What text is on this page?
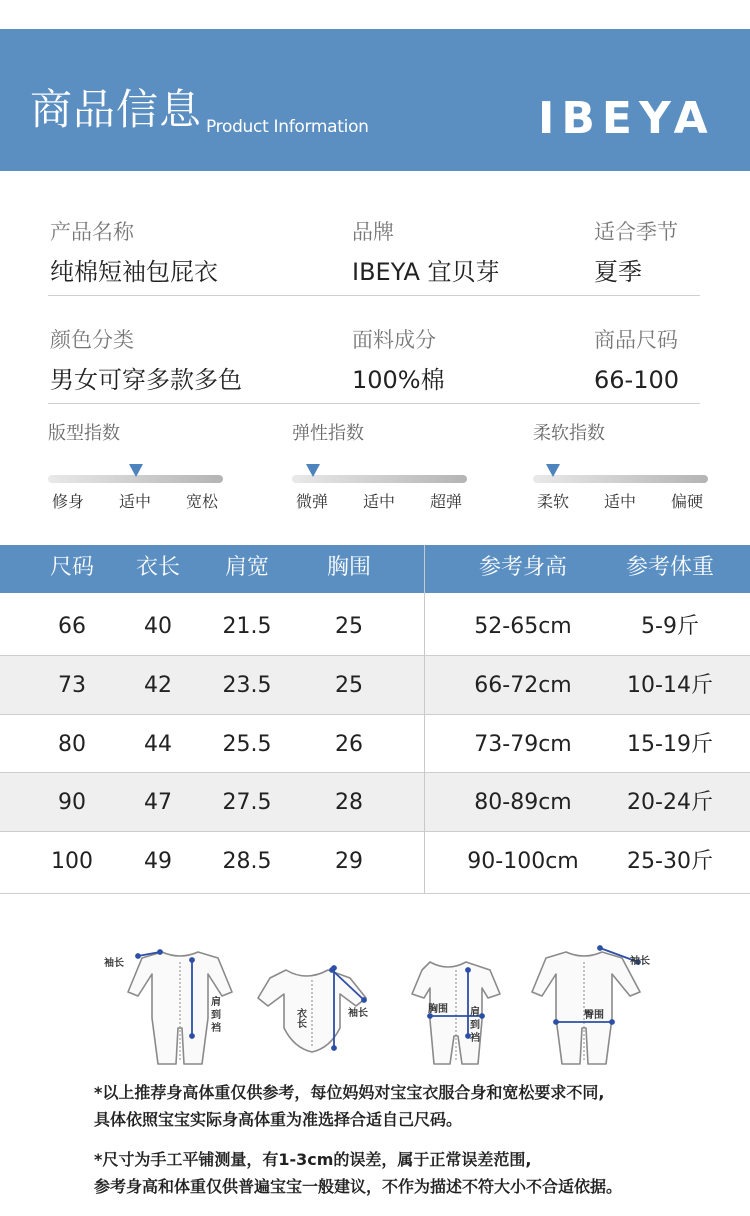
商品信息 Product Information	IBEYA
产品名称
纯棉短袖包屁衣
品牌
IBEYA 宜贝芽
适合季节
夏季
颜色分类
男女可穿多款多色
面料成分
100%棉
商品尺码
66-100
版型指数
修身 适中 宽松
弹性指数
微弹 适中 超弹
柔软指数
柔软 适中 偏硬
尺码	衣长	肩宽	胸围	参考身高	参考体重
66	40	21.5	25	52-65cm	5-9斤
73	42	23.5	25	66-72cm	10-14斤
80	44	25.5	26	73-79cm	15-19斤
90	47	27.5	28	80-89cm	20-24斤
100	49	28.5	29	90-100cm	25-30斤
袖长
衣长	袖长	胸围
袖长
臀围
肩到裆
肩到裆
*以上推荐身高体重仅供参考，每位妈妈对宝宝衣服合身和宽松要求不同,
具体依照宝宝实际身高体重为准选择合适自己尺码。
*尺寸为手工平铺测量，有1-3cm的误差，属于正常误差范围,
参考身高和体重仅供普遍宝宝一般建议，不作为描述不符大小不合适依据。
